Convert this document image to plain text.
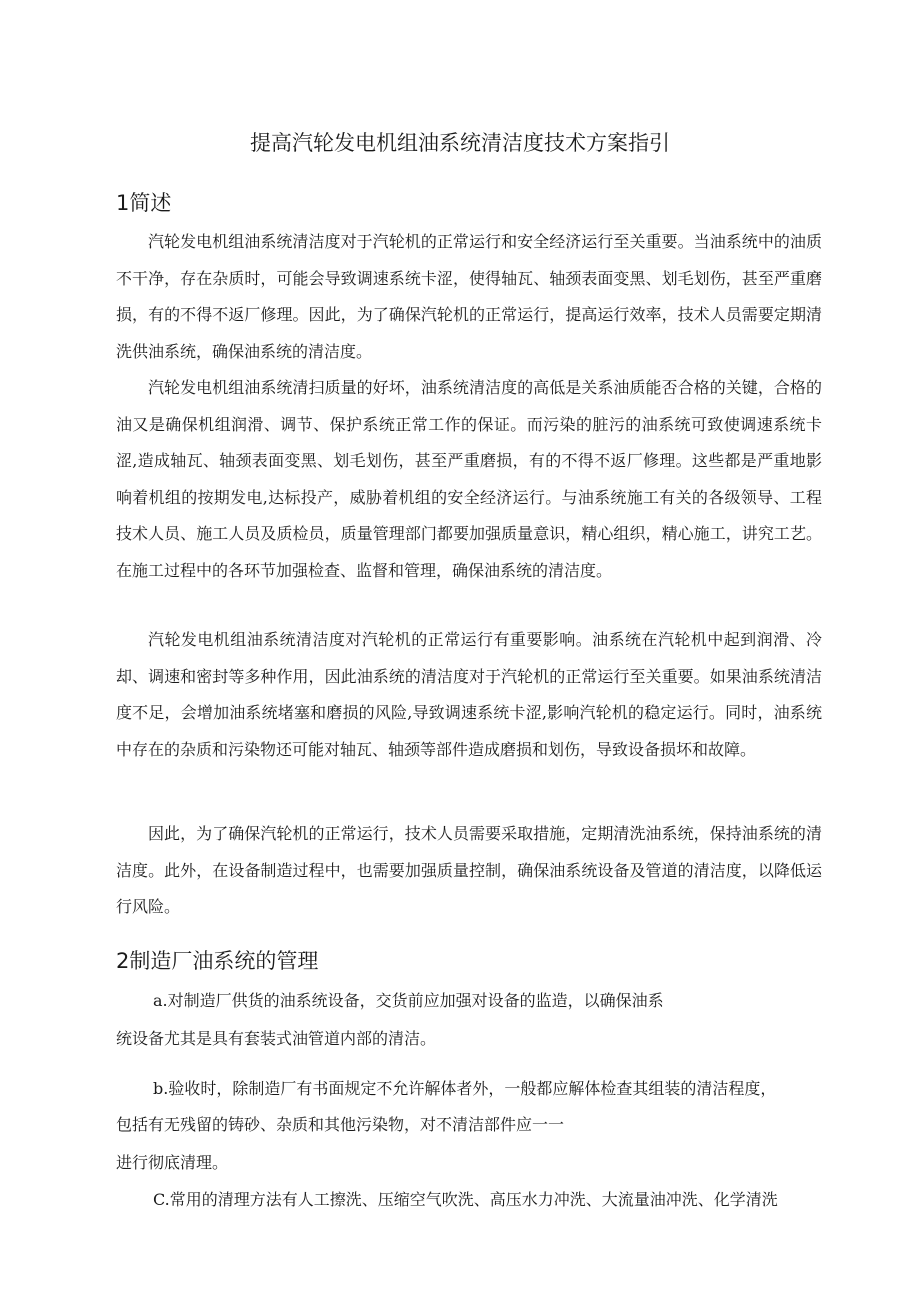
提高汽轮发电机组油系统清洁度技术方案指引
1简述

汽轮发电机组油系统清洁度对于汽轮机的正常运行和安全经济运行至关重要。当油系统中的油质不干净，存在杂质时，可能会导致调速系统卡涩，使得轴瓦、轴颈表面变黑、划毛划伤，甚至严重磨损，有的不得不返厂修理。因此，为了确保汽轮机的正常运行，提高运行效率，技术人员需要定期清洗供油系统，确保油系统的清洁度。

汽轮发电机组油系统清扫质量的好坏，油系统清洁度的高低是关系油质能否合格的关键，合格的油又是确保机组润滑、调节、保护系统正常工作的保证。而污染的脏污的油系统可致使调速系统卡涩,造成轴瓦、轴颈表面变黑、划毛划伤，甚至严重磨损，有的不得不返厂修理。这些都是严重地影响着机组的按期发电,达标投产，威胁着机组的安全经济运行。与油系统施工有关的各级领导、工程技术人员、施工人员及质检员，质量管理部门都要加强质量意识，精心组织，精心施工，讲究工艺。在施工过程中的各环节加强检查、监督和管理，确保油系统的清洁度。

汽轮发电机组油系统清洁度对汽轮机的正常运行有重要影响。油系统在汽轮机中起到润滑、冷却、调速和密封等多种作用，因此油系统的清洁度对于汽轮机的正常运行至关重要。如果油系统清洁度不足，会增加油系统堵塞和磨损的风险,导致调速系统卡涩,影响汽轮机的稳定运行。同时，油系统中存在的杂质和污染物还可能对轴瓦、轴颈等部件造成磨损和划伤，导致设备损坏和故障。

因此，为了确保汽轮机的正常运行，技术人员需要采取措施，定期清洗油系统，保持油系统的清洁度。此外，在设备制造过程中，也需要加强质量控制，确保油系统设备及管道的清洁度，以降低运行风险。

2制造厂油系统的管理

a.对制造厂供货的油系统设备，交货前应加强对设备的监造，以确保油系

统设备尤其是具有套装式油管道内部的清洁。

b.验收时，除制造厂有书面规定不允许解体者外，一般都应解体检查其组装的清洁程度，

包括有无残留的铸砂、杂质和其他污染物，对不清洁部件应一一

进行彻底清理。

C.常用的清理方法有人工擦洗、压缩空气吹洗、高压水力冲洗、大流量油冲洗、化学清洗
